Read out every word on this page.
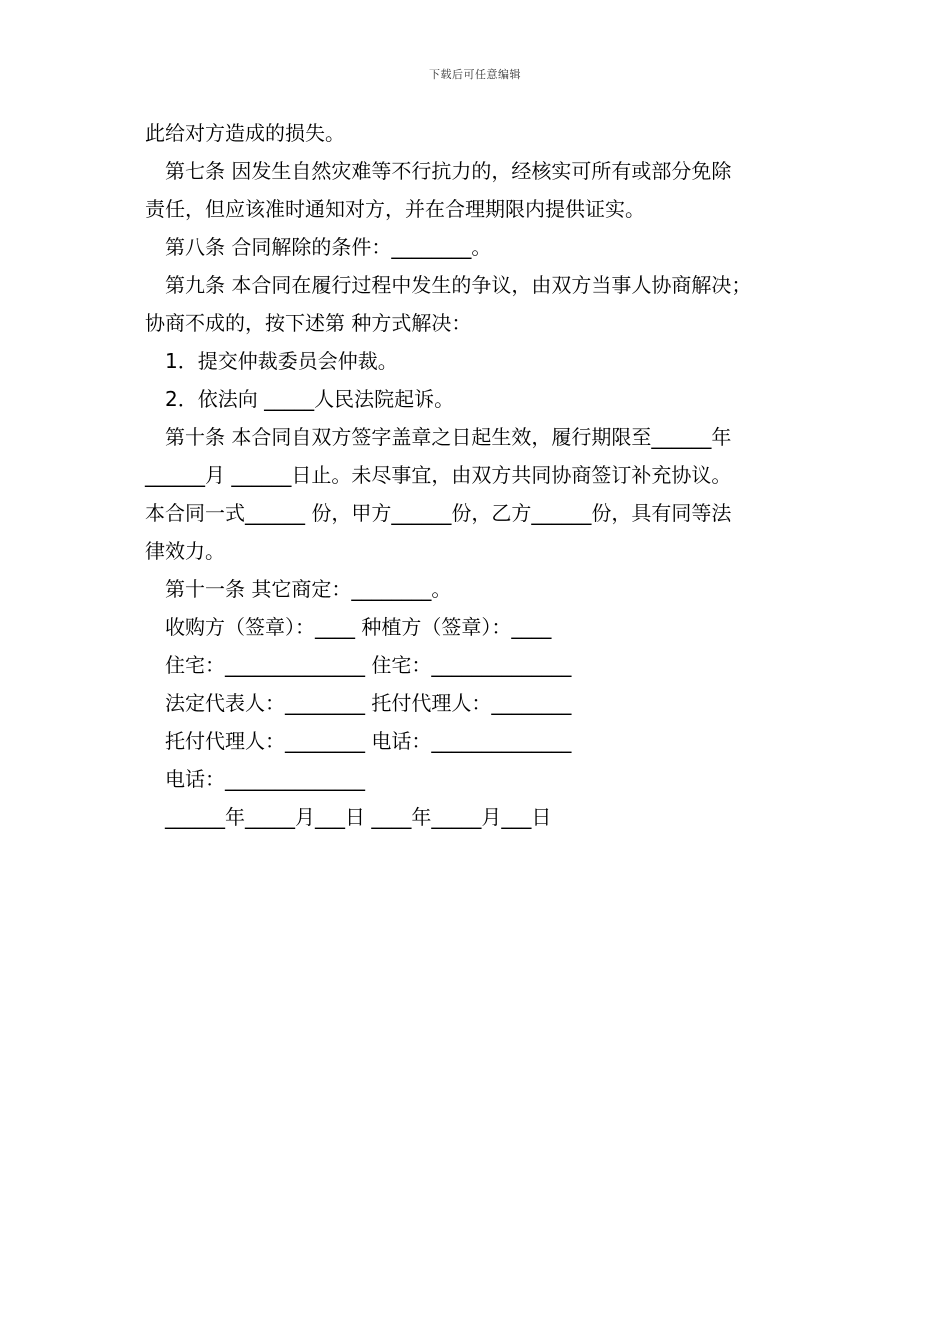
下载后可任意编辑

此给对方造成的损失。

第七条 因发生自然灾难等不行抗力的，经核实可所有或部分免除

责任，但应该准时通知对方，并在合理期限内提供证实。

第八条 合同解除的条件：________。

第九条 本合同在履行过程中发生的争议，由双方当事人协商解决；

协商不成的，按下述第 种方式解决：

1．提交仲裁委员会仲裁。

2．依法向 _____人民法院起诉。

第十条 本合同自双方签字盖章之日起生效，履行期限至______年

______月 ______日止。未尽事宜，由双方共同协商签订补充协议。

本合同一式______ 份，甲方______份，乙方______份，具有同等法

律效力。

第十一条 其它商定：________。

收购方（签章）：____ 种植方（签章）：____

住宅：______________ 住宅：______________

法定代表人：________ 托付代理人：________

托付代理人：________ 电话：______________

电话：______________

______年_____月___日 ____年_____月___日
